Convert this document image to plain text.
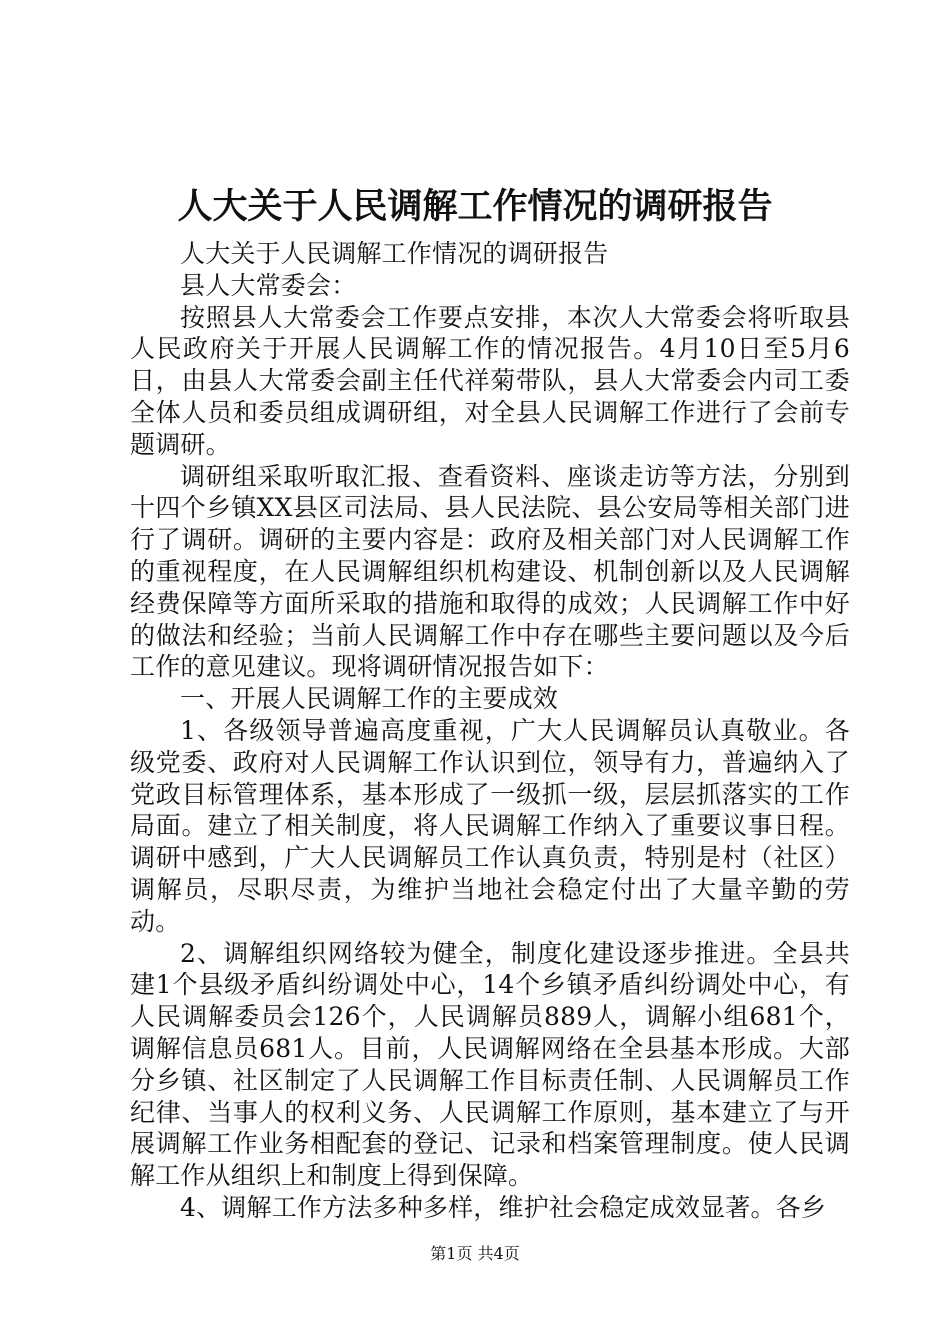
人大关于人民调解工作情况的调研报告

人大关于人民调解工作情况的调研报告

县人大常委会：

按照县人大常委会工作要点安排，本次人大常委会将听取县人民政府关于开展人民调解工作的情况报告。4月10日至5月6日，由县人大常委会副主任代祥菊带队，县人大常委会内司工委全体人员和委员组成调研组，对全县人民调解工作进行了会前专题调研。

调研组采取听取汇报、查看资料、座谈走访等方法，分别到十四个乡镇XX县区司法局、县人民法院、县公安局等相关部门进行了调研。调研的主要内容是：政府及相关部门对人民调解工作的重视程度，在人民调解组织机构建设、机制创新以及人民调解经费保障等方面所采取的措施和取得的成效；人民调解工作中好的做法和经验；当前人民调解工作中存在哪些主要问题以及今后工作的意见建议。现将调研情况报告如下：

一、开展人民调解工作的主要成效

1、各级领导普遍高度重视，广大人民调解员认真敬业。各级党委、政府对人民调解工作认识到位，领导有力，普遍纳入了党政目标管理体系，基本形成了一级抓一级，层层抓落实的工作局面。建立了相关制度，将人民调解工作纳入了重要议事日程。调研中感到，广大人民调解员工作认真负责，特别是村（社区）调解员，尽职尽责，为维护当地社会稳定付出了大量辛勤的劳动。

2、调解组织网络较为健全，制度化建设逐步推进。全县共建1个县级矛盾纠纷调处中心，14个乡镇矛盾纠纷调处中心，有人民调解委员会126个，人民调解员889人，调解小组681个，调解信息员681人。目前，人民调解网络在全县基本形成。大部分乡镇、社区制定了人民调解工作目标责任制、人民调解员工作纪律、当事人的权利义务、人民调解工作原则，基本建立了与开展调解工作业务相配套的登记、记录和档案管理制度。使人民调解工作从组织上和制度上得到保障。

4、调解工作方法多种多样，维护社会稳定成效显著。各乡

第1页 共4页
